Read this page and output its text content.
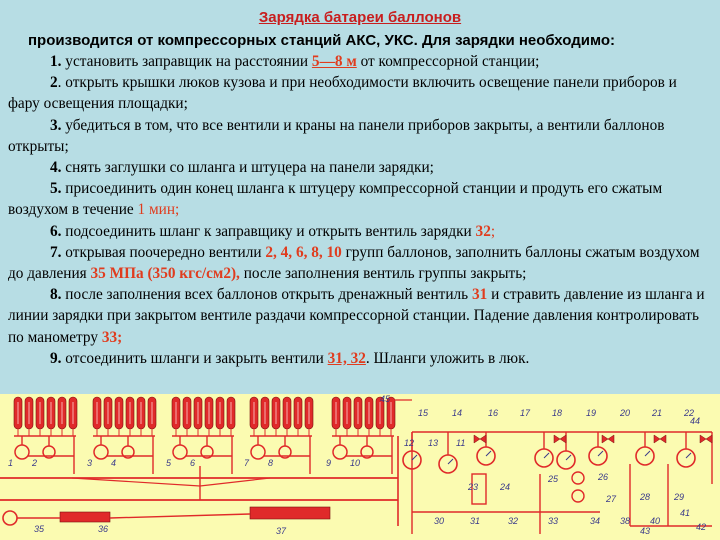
Зарядка батареи баллонов
производится от компрессорных станций АКС, УКС. Для зарядки необходимо:

1. установить заправщик на расстоянии 5—8 м от компрессорной станции;

2. открыть крышки люков кузова и при необходимости включить освещение панели приборов и фару освещения площадки;

3. убедиться в том, что все вентили и краны на панели приборов закрыты, а вентили баллонов открыты;

4. снять заглушки со шланга и штуцера на панели зарядки;

5. присоединить один конец шланга к штуцеру компрессорной станции и продуть его сжатым воздухом в течение 1 мин;

6. подсоединить шланг к заправщику и открыть вентиль зарядки 32;

7. открывая поочередно вентили 2, 4, 6, 8, 10 групп баллонов, заполнить баллоны сжатым воздухом до давления 35 МПа (350 кгс/см2), после заполнения вентиль группы закрыть;

8. после заполнения всех баллонов открыть дренажный вентиль 31 и стравить давление из шланга и линии зарядки при закрытом вентиле раздачи компрессорной станции. Падение давления контролировать по манометру 33;

9. отсоединить шланги и закрыть вентили 31, 32. Шланги уложить в люк.

1 2	3 4	5 6	7 8	9 10
35	36	37
15	14	16 17 18	19	20 21 22
23 24
25	26
27	28	29
30	31	32	33	34 38 40
41
42
43
44
45
12 13 11
